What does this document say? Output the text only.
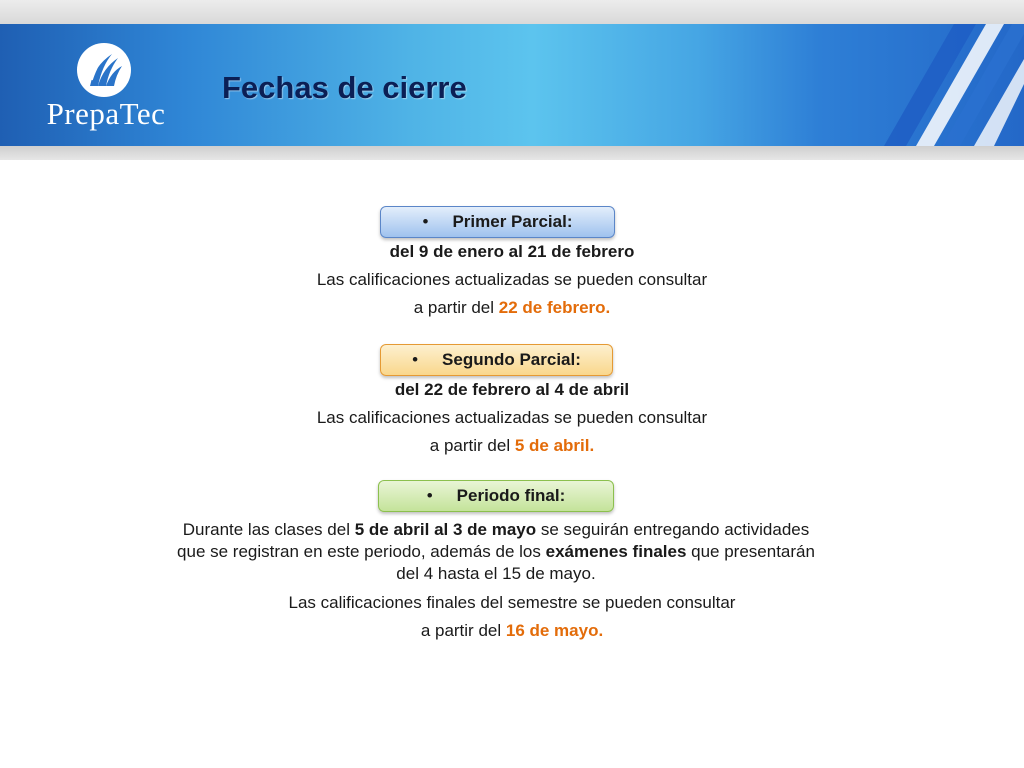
PrepaTec
Fechas de cierre
• Primer Parcial:
del 9 de enero al 21 de febrero
Las calificaciones actualizadas se pueden consultar
a partir del 22 de febrero.
• Segundo Parcial:
del 22 de febrero al 4 de abril
Las calificaciones actualizadas se pueden consultar
a partir del 5 de abril.
• Periodo final:
Durante las clases del 5 de abril al 3 de mayo se seguirán entregando actividades que se registran en este periodo, además de los exámenes finales que presentarán del 4 hasta el 15 de mayo.
Las calificaciones finales del semestre se pueden consultar
a partir del 16 de mayo.
